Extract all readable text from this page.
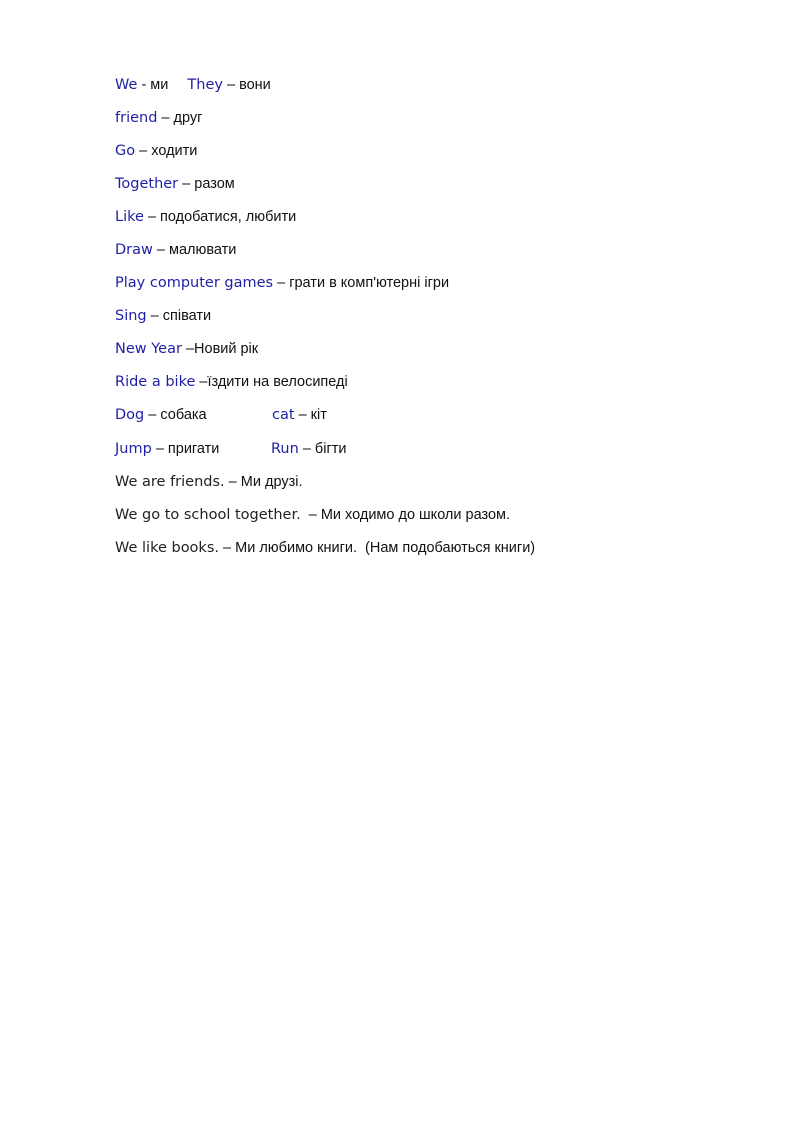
We - ми They – вони
friend – друг
Go – ходити
Together – разом
Like – подобатися, любити
Draw – малювати
Play computer games – грати в комп'ютерні ігри
Sing – співати
New Year –Новий рік
Ride a bike –їздити на велосипеді
Dog – собака	cat – кіт
Jump – пригати	Run – бігти
We are friends. – Ми друзі.
We go to school together.  – Ми ходимо до школи разом.
We like books. – Ми любимо книги.  (Нам подобаються книги)
